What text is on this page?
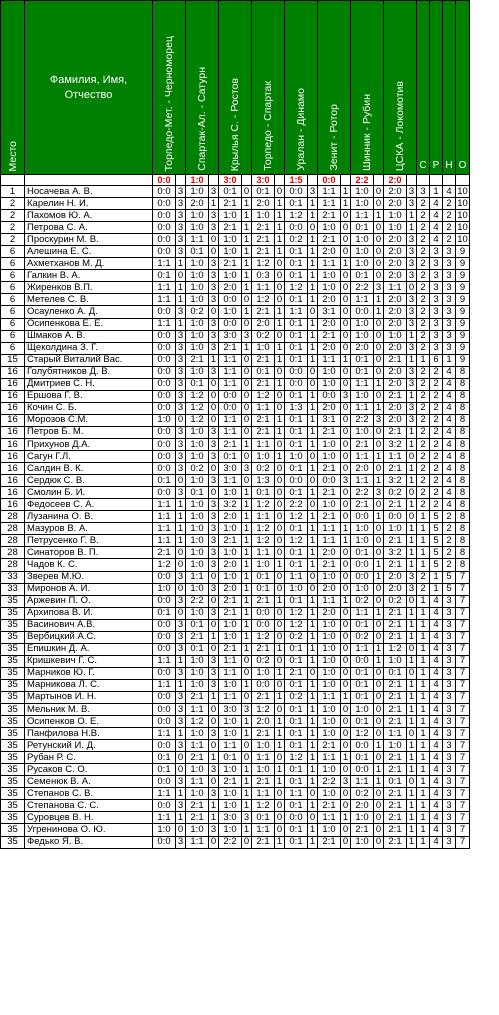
Место	Фамилия, Имя, Отчество	Торпедо-Мет. - Черноморец		Спартак-Ал. - Сатурн		Крылья С. - Ростов		Торпедо - Спартак		Уралан - Динамо		Зенит - Ротор		Шинник - Рубин		ЦСКА - Локомотив		С	Р	Н	О
		0:0		1:0		3:0		3:0		1:5		0:0		2:2		2:0					
1	Носачева А. В.	0:0	3	1:0	3	0:1	0	0:1	0	0:0	3	1:1	1	1:0	0	2:0	3	3	1	4	10
2	Карелин Н. И.	0:0	3	2:0	1	2:1	1	2:0	1	0:1	1	1:1	1	1:0	0	2:0	3	2	4	2	10
2	Пахомов Ю. А.	0:0	3	1:0	3	1:0	1	1:0	1	1:2	1	2:1	0	1:1	1	1:0	1	2	4	2	10
2	Петрова С. А.	0:0	3	1:0	3	2:1	1	2:1	1	0:0	0	1:0	0	0:1	0	1:0	1	2	4	2	10
2	Проскурин М. В.	0:0	3	1:1	0	1:0	1	2:1	1	0:2	1	2:1	0	1:0	0	2:0	3	2	4	2	10
6	Алешина Е. С.	0:0	3	0:1	0	1:0	1	2:1	1	0:1	1	2:0	0	1:0	0	2:0	3	2	3	3	9
6	Ахметханов М. Д.	1:1	1	1:0	3	2:1	1	1:2	0	0:1	1	1:1	1	1:0	0	2:0	3	2	3	3	9
6	Галкин В. А.	0:1	0	1:0	3	1:0	1	0:3	0	0:1	1	1:0	0	0:1	0	2:0	3	2	3	3	9
6	Жиренков В.П.	1:1	1	1:0	3	2:0	1	1:1	0	1:2	1	1:0	0	2:2	3	1:1	0	2	3	3	9
6	Метелев С. В.	1:1	1	1:0	3	0:0	0	1:2	0	0:1	1	2:0	0	1:1	1	2:0	3	2	3	3	9
6	Осауленко А. Д.	0:0	3	0:2	0	1:0	1	2:1	1	1:1	0	3:1	0	0:0	1	2:0	3	2	3	3	9
6	Осипенкова Е. Е.	1:1	1	1:0	3	0:0	0	2:0	1	0:1	1	2:0	0	1:0	0	2:0	3	2	3	3	9
6	Шмаков А. В.	0:0	3	1:0	3	3:0	3	0:2	0	0:1	1	2:1	0	1:0	0	1:0	1	2	3	3	9
6	Щеколдина З. Г.	0:0	3	1:0	3	2:1	1	1:0	1	0:1	1	2:0	0	2:0	0	2:0	3	2	3	3	9
15	Старый Виталий Вас.	0:0	3	2:1	1	1:1	0	2:1	1	0:1	1	1:1	1	0:1	0	2:1	1	1	6	1	9
16	Голубятников Д. В.	0:0	3	1:0	3	1:1	0	0:1	0	0:0	0	1:0	0	0:1	0	2:0	3	2	2	4	8
16	Дмитриев С. Н.	0:0	3	0:1	0	1:1	0	2:1	1	0:0	0	1:0	0	1:1	1	2:0	3	2	2	4	8
16	Ершова Г. В.	0:0	3	1:2	0	0:0	0	1:2	0	0:1	1	0:0	3	1:0	0	2:1	1	2	2	4	8
16	Кочин С. Б.	0:0	3	1:2	0	0:0	0	1:1	0	1:3	1	2:0	0	1:1	1	2:0	3	2	2	4	8
16	Морозов С.М.	1:0	0	1:2	0	1:1	0	2:1	1	0:1	1	3:1	0	2:2	3	2:0	3	2	2	4	8
16	Петров Б. М.	0:0	3	1:0	3	1:1	0	2:1	1	0:1	1	2:1	0	1:0	0	2:1	1	2	2	4	8
16	Прихунов Д.А.	0:0	3	1:0	3	2:1	1	1:1	0	0:1	1	1:0	0	2:1	0	3:2	1	2	2	4	8
16	Сагун Г.Л.	0:0	3	1:0	3	0:1	0	1:0	1	1:0	0	1:0	0	1:1	1	1:1	0	2	2	4	8
16	Салдин В. К.	0:0	3	0:2	0	3:0	3	0:2	0	0:1	1	2:1	0	2:0	0	2:1	1	2	2	4	8
16	Сердюк С. В.	0:1	0	1:0	3	1:1	0	1:3	0	0:0	0	0:0	3	1:1	1	3:2	1	2	2	4	8
16	Смолин Б. И.	0:0	3	0:1	0	1:0	1	0:1	0	0:1	1	2:1	0	2:2	3	0:2	0	2	2	4	8
16	Федосеев С. А.	1:1	1	1:0	3	3:2	1	1:2	0	2:2	0	1:0	0	2:1	0	2:1	1	2	2	4	8
28	Лузанина О. В.	1:1	1	1:0	3	2:0	1	1:1	0	1:2	1	2:1	0	0:0	1	0:0	0	1	5	2	8
28	Мазуров В. А.	1:1	1	1:0	3	1:0	1	1:2	0	0:1	1	1:1	1	1:0	0	1:0	1	1	5	2	8
28	Петрусенко Г. В.	1:1	1	1:0	3	2:1	1	1:2	0	1:2	1	1:1	1	1:0	0	2:1	1	1	5	2	8
28	Синаторов В. П.	2:1	0	1:0	3	1:0	1	1:1	0	0:1	1	2:0	0	0:1	0	3:2	1	1	5	2	8
28	Чадов К. С.	1:2	0	1:0	3	2:0	1	1:0	1	0:1	1	2:1	0	0:0	1	2:1	1	1	5	2	8
33	Зверев М.Ю.	0:0	3	1:1	0	1:0	1	0:1	0	1:1	0	1:0	0	0:0	1	2:0	3	2	1	5	7
33	Миронов А. И.	1:0	0	1:0	3	2:0	1	0:1	0	1:0	0	2:0	0	1:0	0	2:0	3	2	1	5	7
35	Аржевин П. О.	0:0	3	2:2	0	2:1	1	2:1	1	0:1	1	1:1	1	0:2	0	0:2	0	1	4	3	7
35	Архипова В. И.	0:1	0	1:0	3	2:1	1	0:0	0	1:2	1	2:0	0	1:1	1	2:1	1	1	4	3	7
35	Васинович А.В.	0:0	3	0:1	0	1:0	1	0:0	0	1:2	1	1:0	0	0:1	0	2:1	1	1	4	3	7
35	Вербицкий А.С.	0:0	3	2:1	1	1:0	1	1:2	0	0:2	1	1:0	0	0:2	0	2:1	1	1	4	3	7
35	Епишкин Д. А.	0:0	3	0:1	0	2:1	1	2:1	1	0:1	1	1:0	0	1:1	1	1:2	0	1	4	3	7
35	Кришкевич Г. С.	1:1	1	1:0	3	1:1	0	0:2	0	0:1	1	1:0	0	0:0	1	1:0	1	1	4	3	7
35	Марников Ю. Г.	0:0	3	1:0	3	1:1	0	1:0	1	2:1	0	1:0	0	0:1	0	0:1	0	1	4	3	7
35	Марникова Л. С.	1:1	1	1:0	3	1:0	1	0:0	0	0:1	1	1:0	0	0:1	0	2:1	1	1	4	3	7
35	Мартынов И. Н.	0:0	3	2:1	1	1:1	0	2:1	1	0:2	1	1:1	1	0:1	0	2:1	1	1	4	3	7
35	Мельник М. В.	0:0	3	1:1	0	3:0	3	1:2	0	0:1	1	1:0	0	1:0	0	2:1	1	1	4	3	7
35	Осипенков О. Е.	0:0	3	1:2	0	1:0	1	2:0	1	0:1	1	1:0	0	0:1	0	2:1	1	1	4	3	7
35	Панфилова Н.В.	1:1	1	1:0	3	1:0	1	2:1	1	0:1	1	1:0	0	1:2	0	1:1	0	1	4	3	7
35	Ретунский И. Д.	0:0	3	1:1	0	1:1	0	1:0	1	0:1	1	2:1	0	0:0	1	1:0	1	1	4	3	7
35	Рубан Р. С.	0:1	0	2:1	1	0:1	0	1:1	0	1:2	1	1:1	1	0:1	0	2:1	1	1	4	3	7
35	Русаков С. О.	0:1	0	1:0	3	1:0	1	1:0	1	0:1	1	1:0	0	0:0	1	2:1	1	1	4	3	7
35	Семенюк В. А.	0:0	3	1:1	0	2:1	1	2:1	1	0:1	1	2:2	3	1:1	1	0:1	0	1	4	3	7
35	Степанов С. В.	1:1	1	1:0	3	1:0	1	1:1	0	1:1	0	1:0	0	0:2	0	2:1	1	1	4	3	7
35	Степанова С. С.	0:0	3	2:1	1	1:0	1	1:2	0	0:1	1	2:1	0	2:0	0	2:1	1	1	4	3	7
35	Суровцев В. Н.	1:1	1	2:1	1	3:0	3	0:1	0	0:0	0	1:1	1	1:0	0	2:1	1	1	4	3	7
35	Угренинова О. Ю.	1:0	0	1:0	3	1:0	1	1:1	0	0:1	1	1:0	0	2:1	0	2:1	1	1	4	3	7
35	Федько Я. В.	0:0	3	1:1	0	2:2	0	2:1	1	0:1	1	2:1	0	1:0	0	2:1	1	1	4	3	7
